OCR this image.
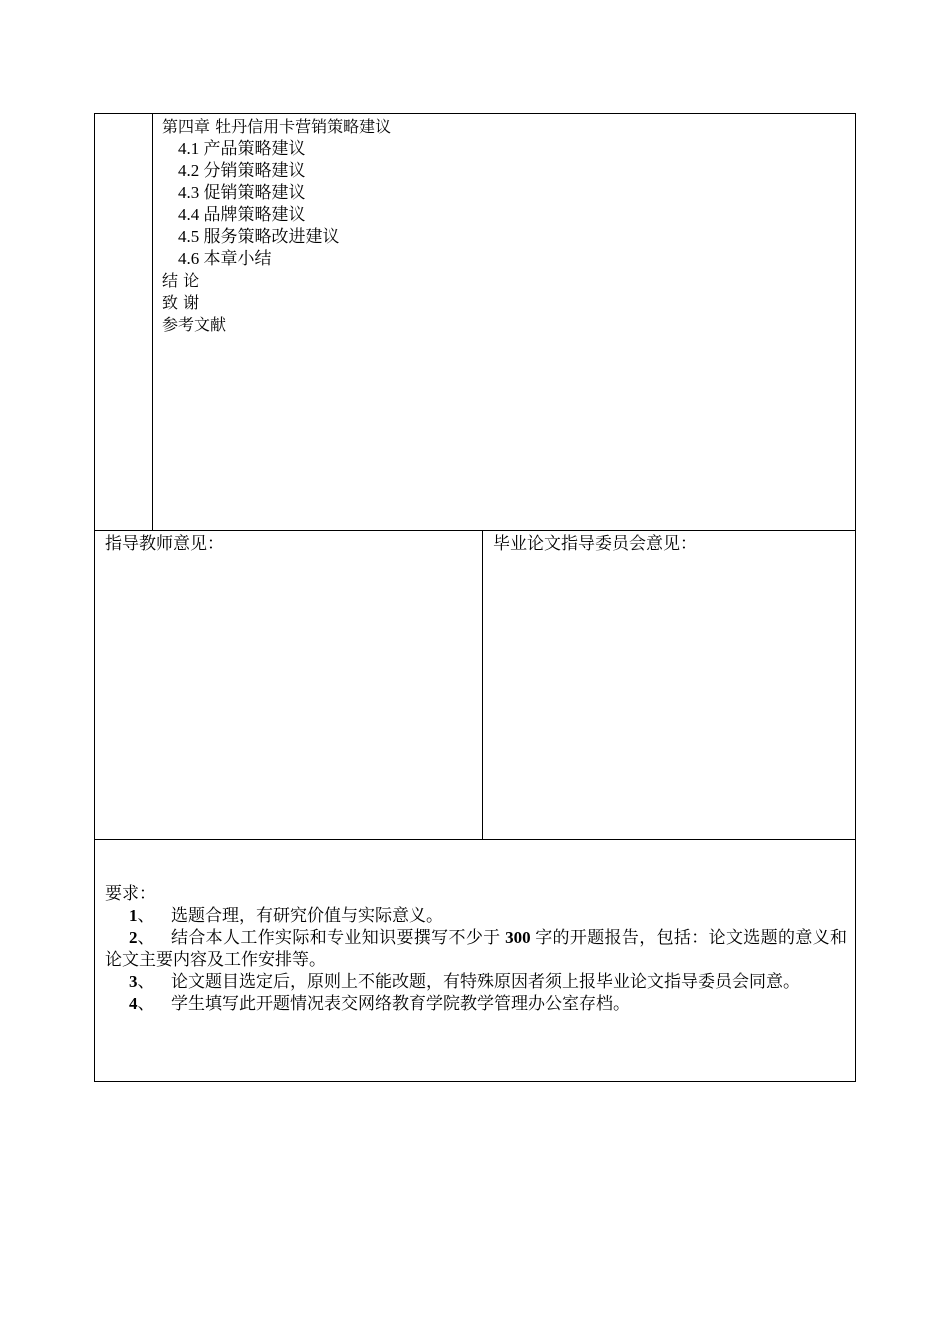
第四章 牡丹信用卡营销策略建议
4.1 产品策略建议
4.2 分销策略建议
4.3 促销策略建议
4.4 品牌策略建议
4.5 服务策略改进建议
4.6 本章小结
结 论
致 谢
参考文献
指导教师意见：	毕业论文指导委员会意见：
要求：
1、 选题合理，有研究价值与实际意义。
2、 结合本人工作实际和专业知识要撰写不少于 300 字的开题报告，包括：论文选题的意义和论文主要内容及工作安排等。
3、 论文题目选定后，原则上不能改题，有特殊原因者须上报毕业论文指导委员会同意。
4、 学生填写此开题情况表交网络教育学院教学管理办公室存档。
